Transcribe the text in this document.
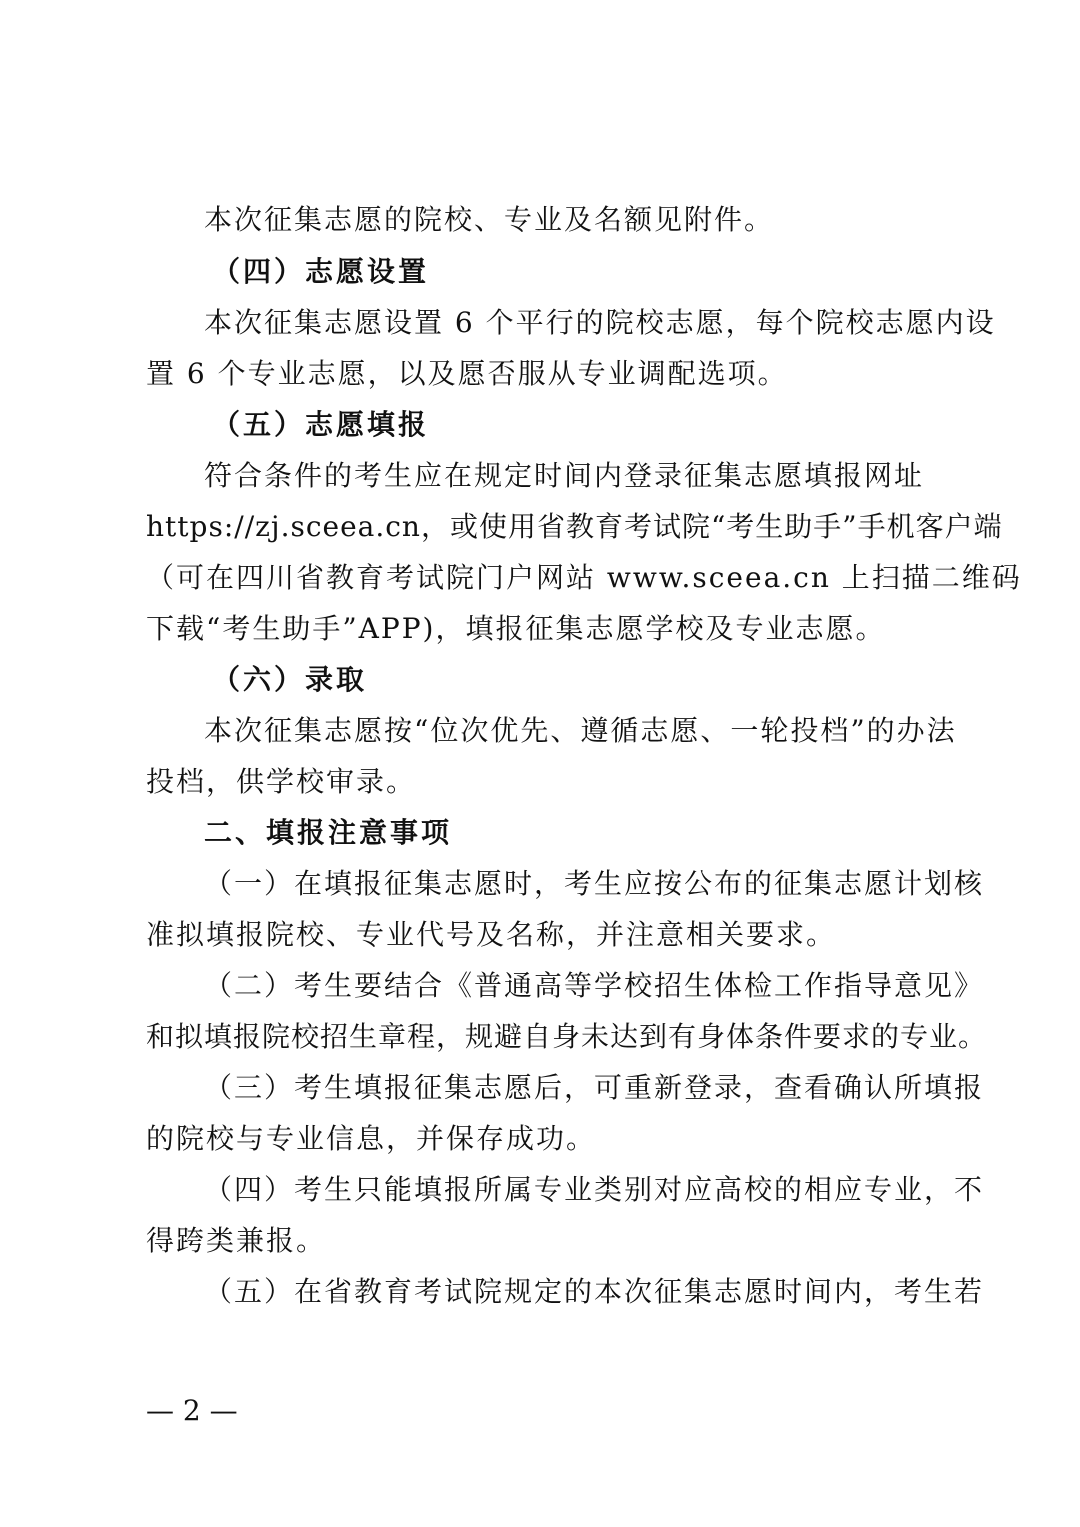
本次征集志愿的院校、专业及名额见附件。

（四）志愿设置

本次征集志愿设置 6 个平行的院校志愿，每个院校志愿内设

置 6 个专业志愿，以及愿否服从专业调配选项。

（五）志愿填报

符合条件的考生应在规定时间内登录征集志愿填报网址

https://zj.sceea.cn，或使用省教育考试院“考生助手”手机客户端

（可在四川省教育考试院门户网站 www.sceea.cn 上扫描二维码

下载“考生助手”APP)，填报征集志愿学校及专业志愿。

（六）录取

本次征集志愿按“位次优先、遵循志愿、一轮投档”的办法

投档，供学校审录。

二、填报注意事项

（一）在填报征集志愿时，考生应按公布的征集志愿计划核

准拟填报院校、专业代号及名称，并注意相关要求。

（二）考生要结合《普通高等学校招生体检工作指导意见》

和拟填报院校招生章程，规避自身未达到有身体条件要求的专业。

（三）考生填报征集志愿后，可重新登录，查看确认所填报

的院校与专业信息，并保存成功。

（四）考生只能填报所属专业类别对应高校的相应专业，不

得跨类兼报。

（五）在省教育考试院规定的本次征集志愿时间内，考生若

— 2 —
